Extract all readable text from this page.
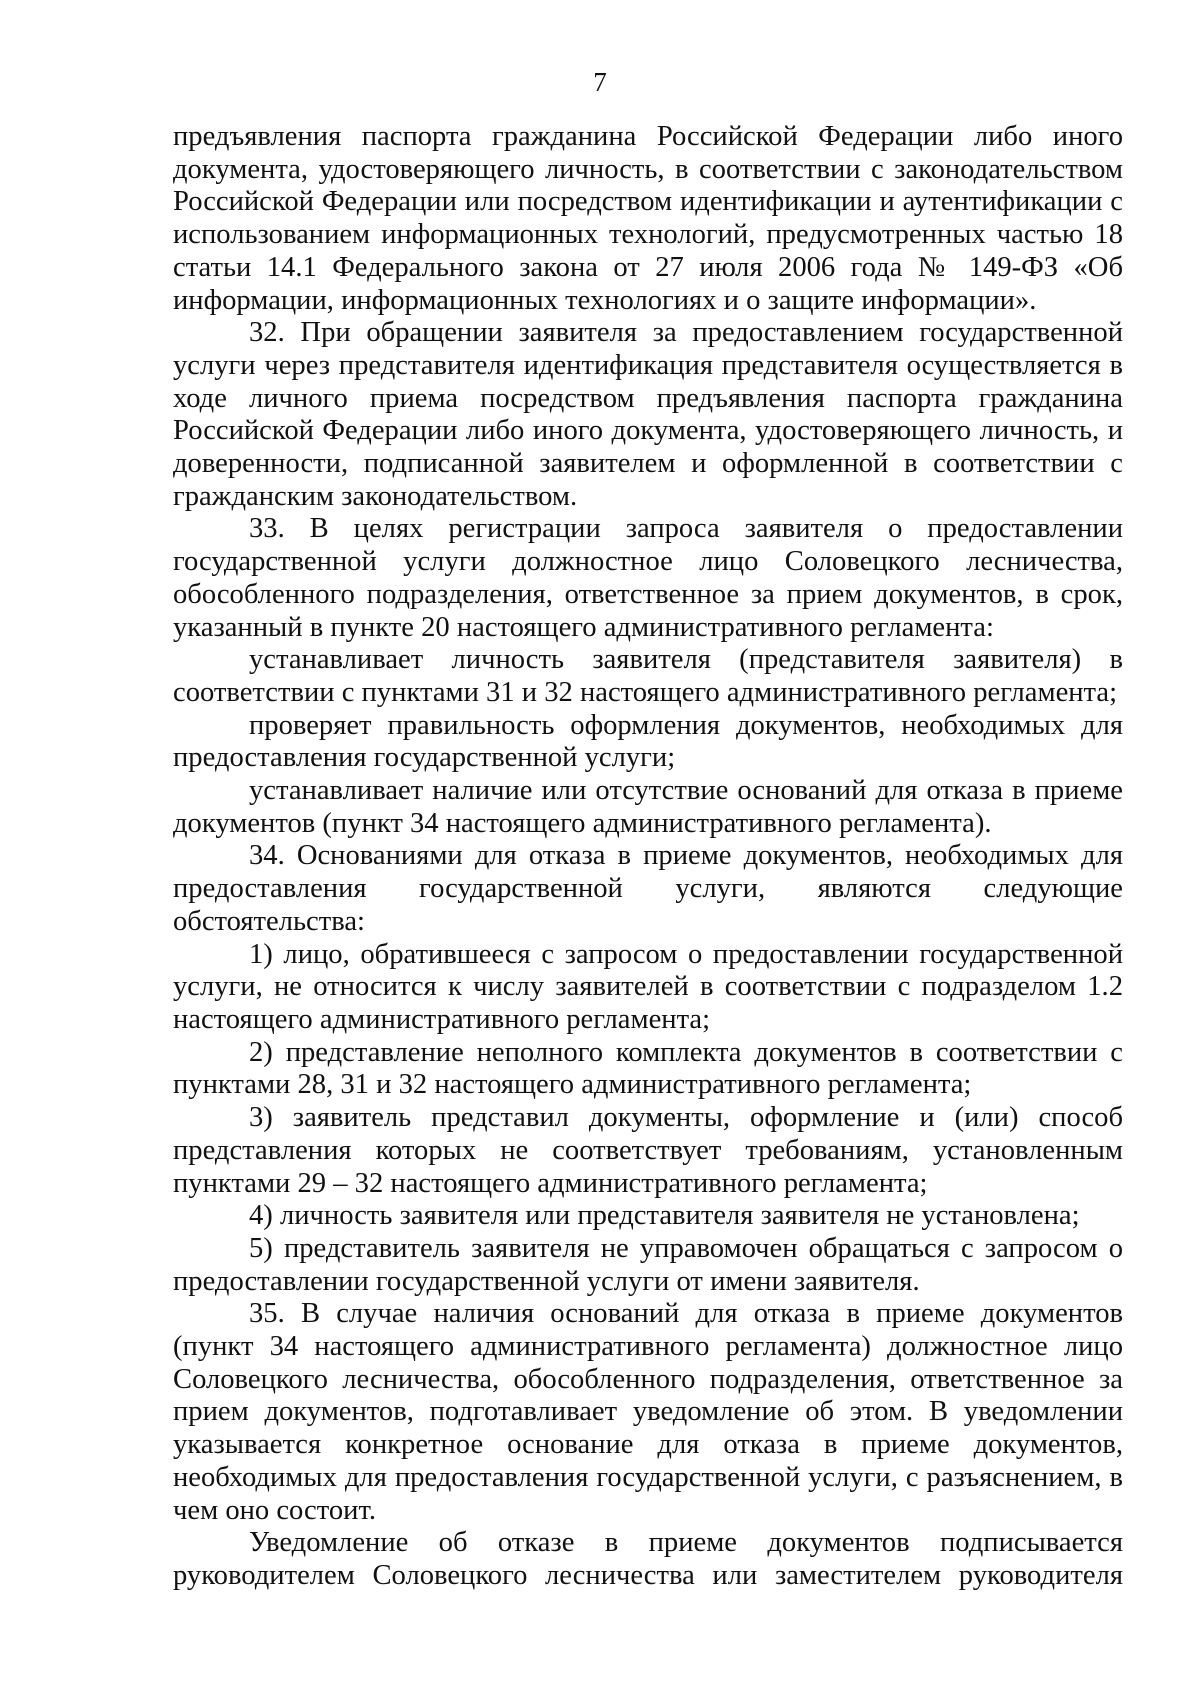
7

предъявления паспорта гражданина Российской Федерации либо иного документа, удостоверяющего личность, в соответствии с законодательством Российской Федерации или посредством идентификации и аутентификации с использованием информационных технологий, предусмотренных частью 18 статьи 14.1 Федерального закона от 27 июля 2006 года № 149-ФЗ «Об информации, информационных технологиях и о защите информации».

32. При обращении заявителя за предоставлением государственной услуги через представителя идентификация представителя осуществляется в ходе личного приема посредством предъявления паспорта гражданина Российской Федерации либо иного документа, удостоверяющего личность, и доверенности, подписанной заявителем и оформленной в соответствии с гражданским законодательством.

33. В целях регистрации запроса заявителя о предоставлении государственной услуги должностное лицо Соловецкого лесничества, обособленного подразделения, ответственное за прием документов, в срок, указанный в пункте 20 настоящего административного регламента:

устанавливает личность заявителя (представителя заявителя) в соответствии с пунктами 31 и 32 настоящего административного регламента;

проверяет правильность оформления документов, необходимых для предоставления государственной услуги;

устанавливает наличие или отсутствие оснований для отказа в приеме документов (пункт 34 настоящего административного регламента).

34. Основаниями для отказа в приеме документов, необходимых для предоставления государственной услуги, являются следующие обстоятельства:

1) лицо, обратившееся с запросом о предоставлении государственной услуги, не относится к числу заявителей в соответствии с подразделом 1.2 настоящего административного регламента;

2) представление неполного комплекта документов в соответствии с пунктами 28, 31 и 32 настоящего административного регламента;

3) заявитель представил документы, оформление и (или) способ представления которых не соответствует требованиям, установленным пунктами 29 – 32 настоящего административного регламента;

4) личность заявителя или представителя заявителя не установлена;

5) представитель заявителя не управомочен обращаться с запросом о предоставлении государственной услуги от имени заявителя.

35. В случае наличия оснований для отказа в приеме документов (пункт 34 настоящего административного регламента) должностное лицо Соловецкого лесничества, обособленного подразделения, ответственное за прием документов, подготавливает уведомление об этом. В уведомлении указывается конкретное основание для отказа в приеме документов, необходимых для предоставления государственной услуги, с разъяснением, в чем оно состоит.

Уведомление об отказе в приеме документов подписывается руководителем Соловецкого лесничества или заместителем руководителя
